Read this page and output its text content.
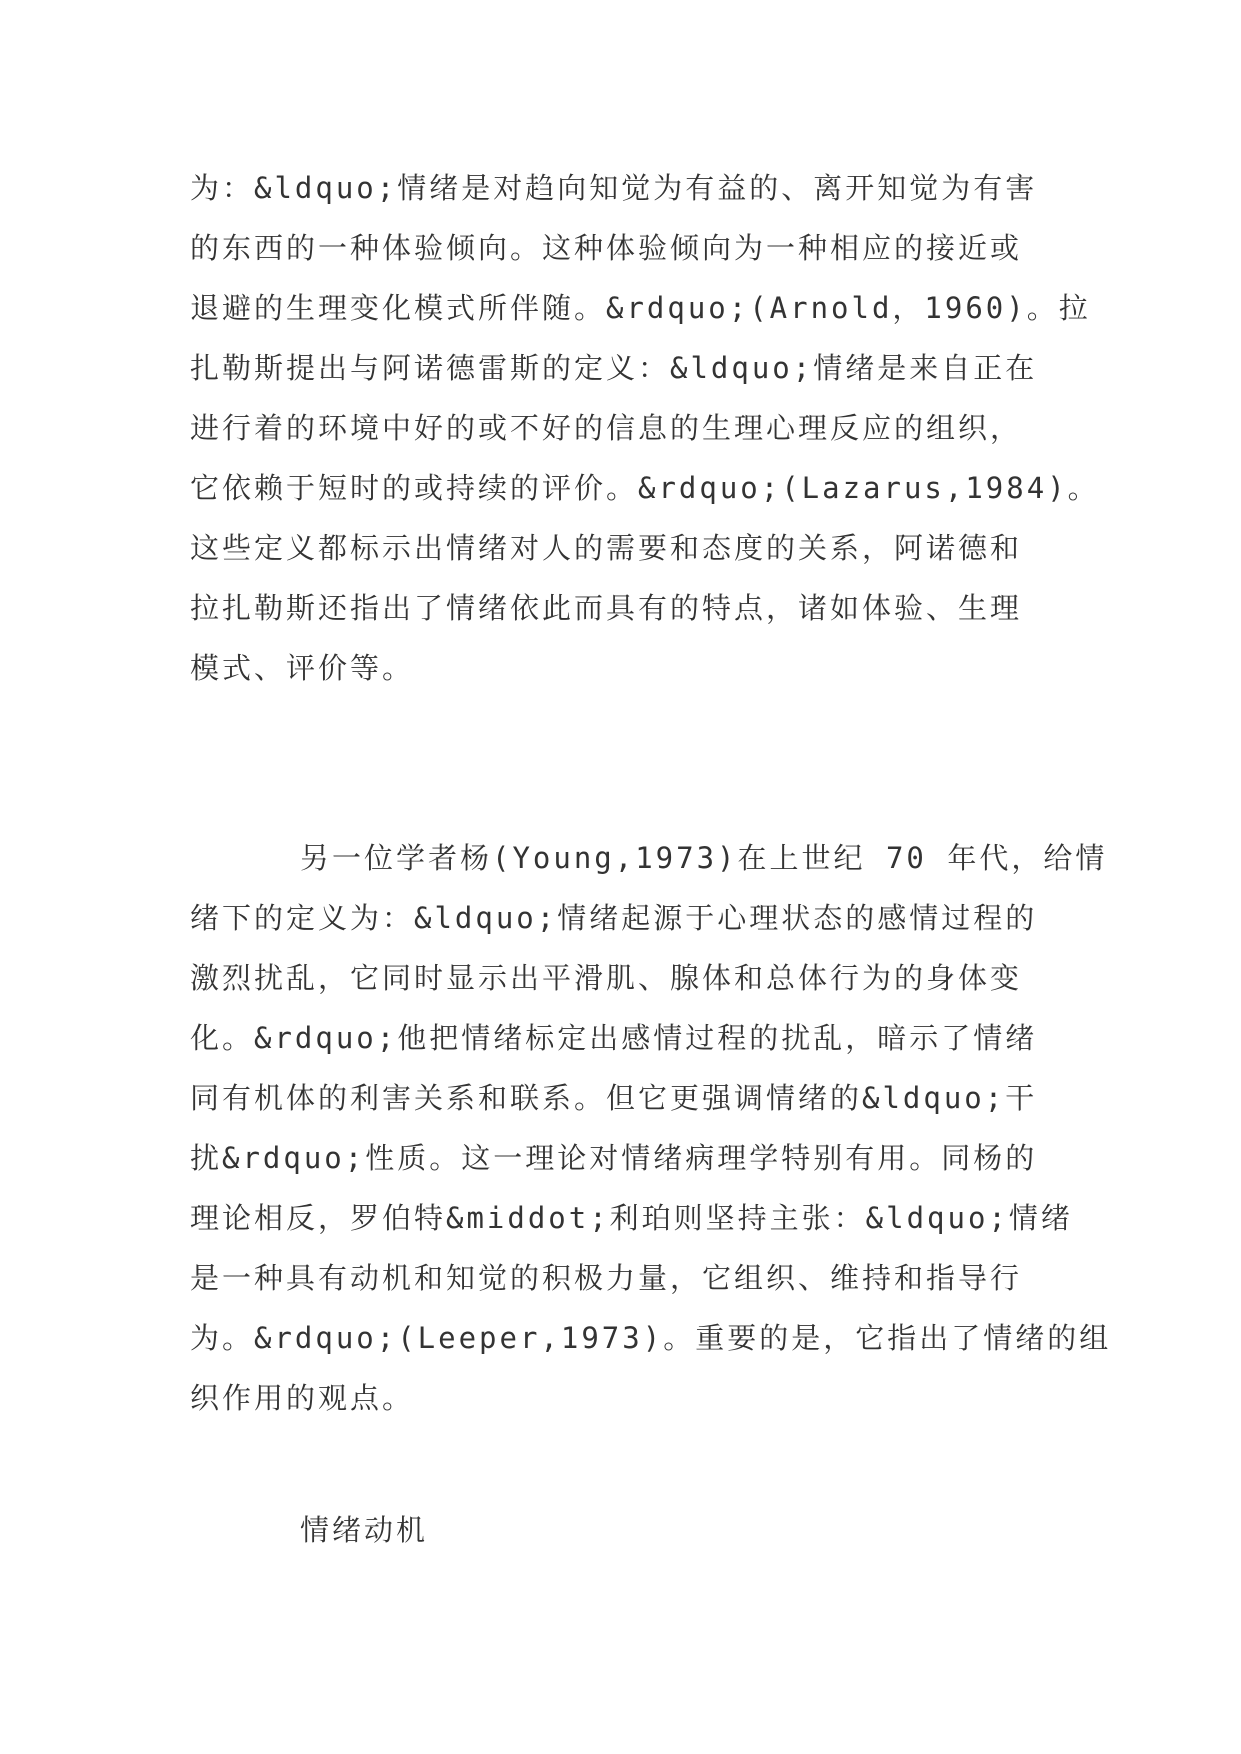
为：&ldquo;情绪是对趋向知觉为有益的、离开知觉为有害
的东西的一种体验倾向。这种体验倾向为一种相应的接近或
退避的生理变化模式所伴随。&rdquo;(Arnold，1960)。拉
扎勒斯提出与阿诺德雷斯的定义：&ldquo;情绪是来自正在
进行着的环境中好的或不好的信息的生理心理反应的组织，
它依赖于短时的或持续的评价。&rdquo;(Lazarus,1984)。
这些定义都标示出情绪对人的需要和态度的关系，阿诺德和
拉扎勒斯还指出了情绪依此而具有的特点，诸如体验、生理
模式、评价等。
另一位学者杨(Young,1973)在上世纪 70 年代，给情
绪下的定义为：&ldquo;情绪起源于心理状态的感情过程的
激烈扰乱，它同时显示出平滑肌、腺体和总体行为的身体变
化。&rdquo;他把情绪标定出感情过程的扰乱，暗示了情绪
同有机体的利害关系和联系。但它更强调情绪的&ldquo;干
扰&rdquo;性质。这一理论对情绪病理学特别有用。同杨的
理论相反，罗伯特&middot;利珀则坚持主张：&ldquo;情绪
是一种具有动机和知觉的积极力量，它组织、维持和指导行
为。&rdquo;(Leeper,1973)。重要的是，它指出了情绪的组
织作用的观点。
情绪动机
